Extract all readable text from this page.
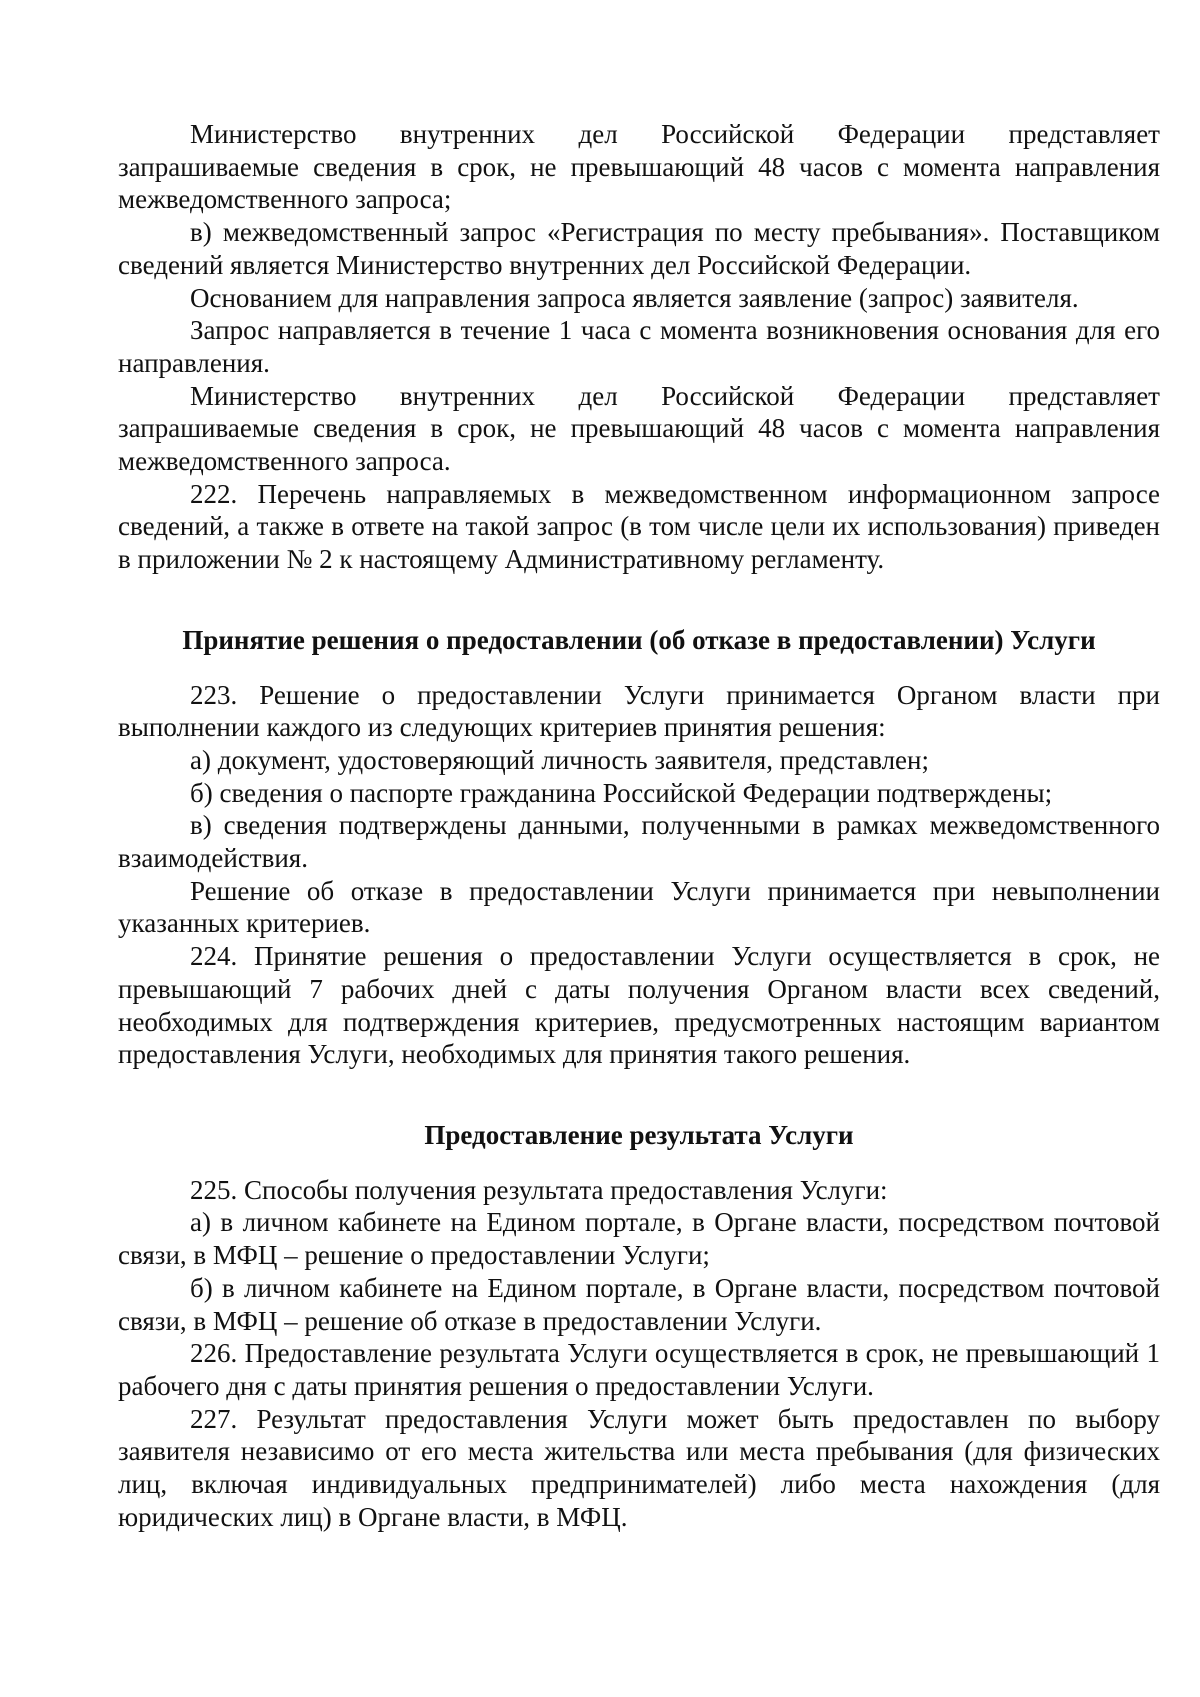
Министерство внутренних дел Российской Федерации представляет запрашиваемые сведения в срок, не превышающий 48 часов с момента направления межведомственного запроса;

в) межведомственный запрос «Регистрация по месту пребывания». Поставщиком сведений является Министерство внутренних дел Российской Федерации.

Основанием для направления запроса является заявление (запрос) заявителя.

Запрос направляется в течение 1 часа с момента возникновения основания для его направления.

Министерство внутренних дел Российской Федерации представляет запрашиваемые сведения в срок, не превышающий 48 часов с момента направления межведомственного запроса.

222. Перечень направляемых в межведомственном информационном запросе сведений, а также в ответе на такой запрос (в том числе цели их использования) приведен в приложении № 2 к настоящему Административному регламенту.

Принятие решения о предоставлении (об отказе в предоставлении) Услуги

223. Решение о предоставлении Услуги принимается Органом власти при выполнении каждого из следующих критериев принятия решения:

а) документ, удостоверяющий личность заявителя, представлен;

б) сведения о паспорте гражданина Российской Федерации подтверждены;

в) сведения подтверждены данными, полученными в рамках межведомственного взаимодействия.

Решение об отказе в предоставлении Услуги принимается при невыполнении указанных критериев.

224. Принятие решения о предоставлении Услуги осуществляется в срок, не превышающий 7 рабочих дней с даты получения Органом власти всех сведений, необходимых для подтверждения критериев, предусмотренных настоящим вариантом предоставления Услуги, необходимых для принятия такого решения.

Предоставление результата Услуги

225. Способы получения результата предоставления Услуги:

а) в личном кабинете на Едином портале, в Органе власти, посредством почтовой связи, в МФЦ – решение о предоставлении Услуги;

б) в личном кабинете на Едином портале, в Органе власти, посредством почтовой связи, в МФЦ – решение об отказе в предоставлении Услуги.

226. Предоставление результата Услуги осуществляется в срок, не превышающий 1 рабочего дня с даты принятия решения о предоставлении Услуги.

227. Результат предоставления Услуги может быть предоставлен по выбору заявителя независимо от его места жительства или места пребывания (для физических лиц, включая индивидуальных предпринимателей) либо места нахождения (для юридических лиц) в Органе власти, в МФЦ.
